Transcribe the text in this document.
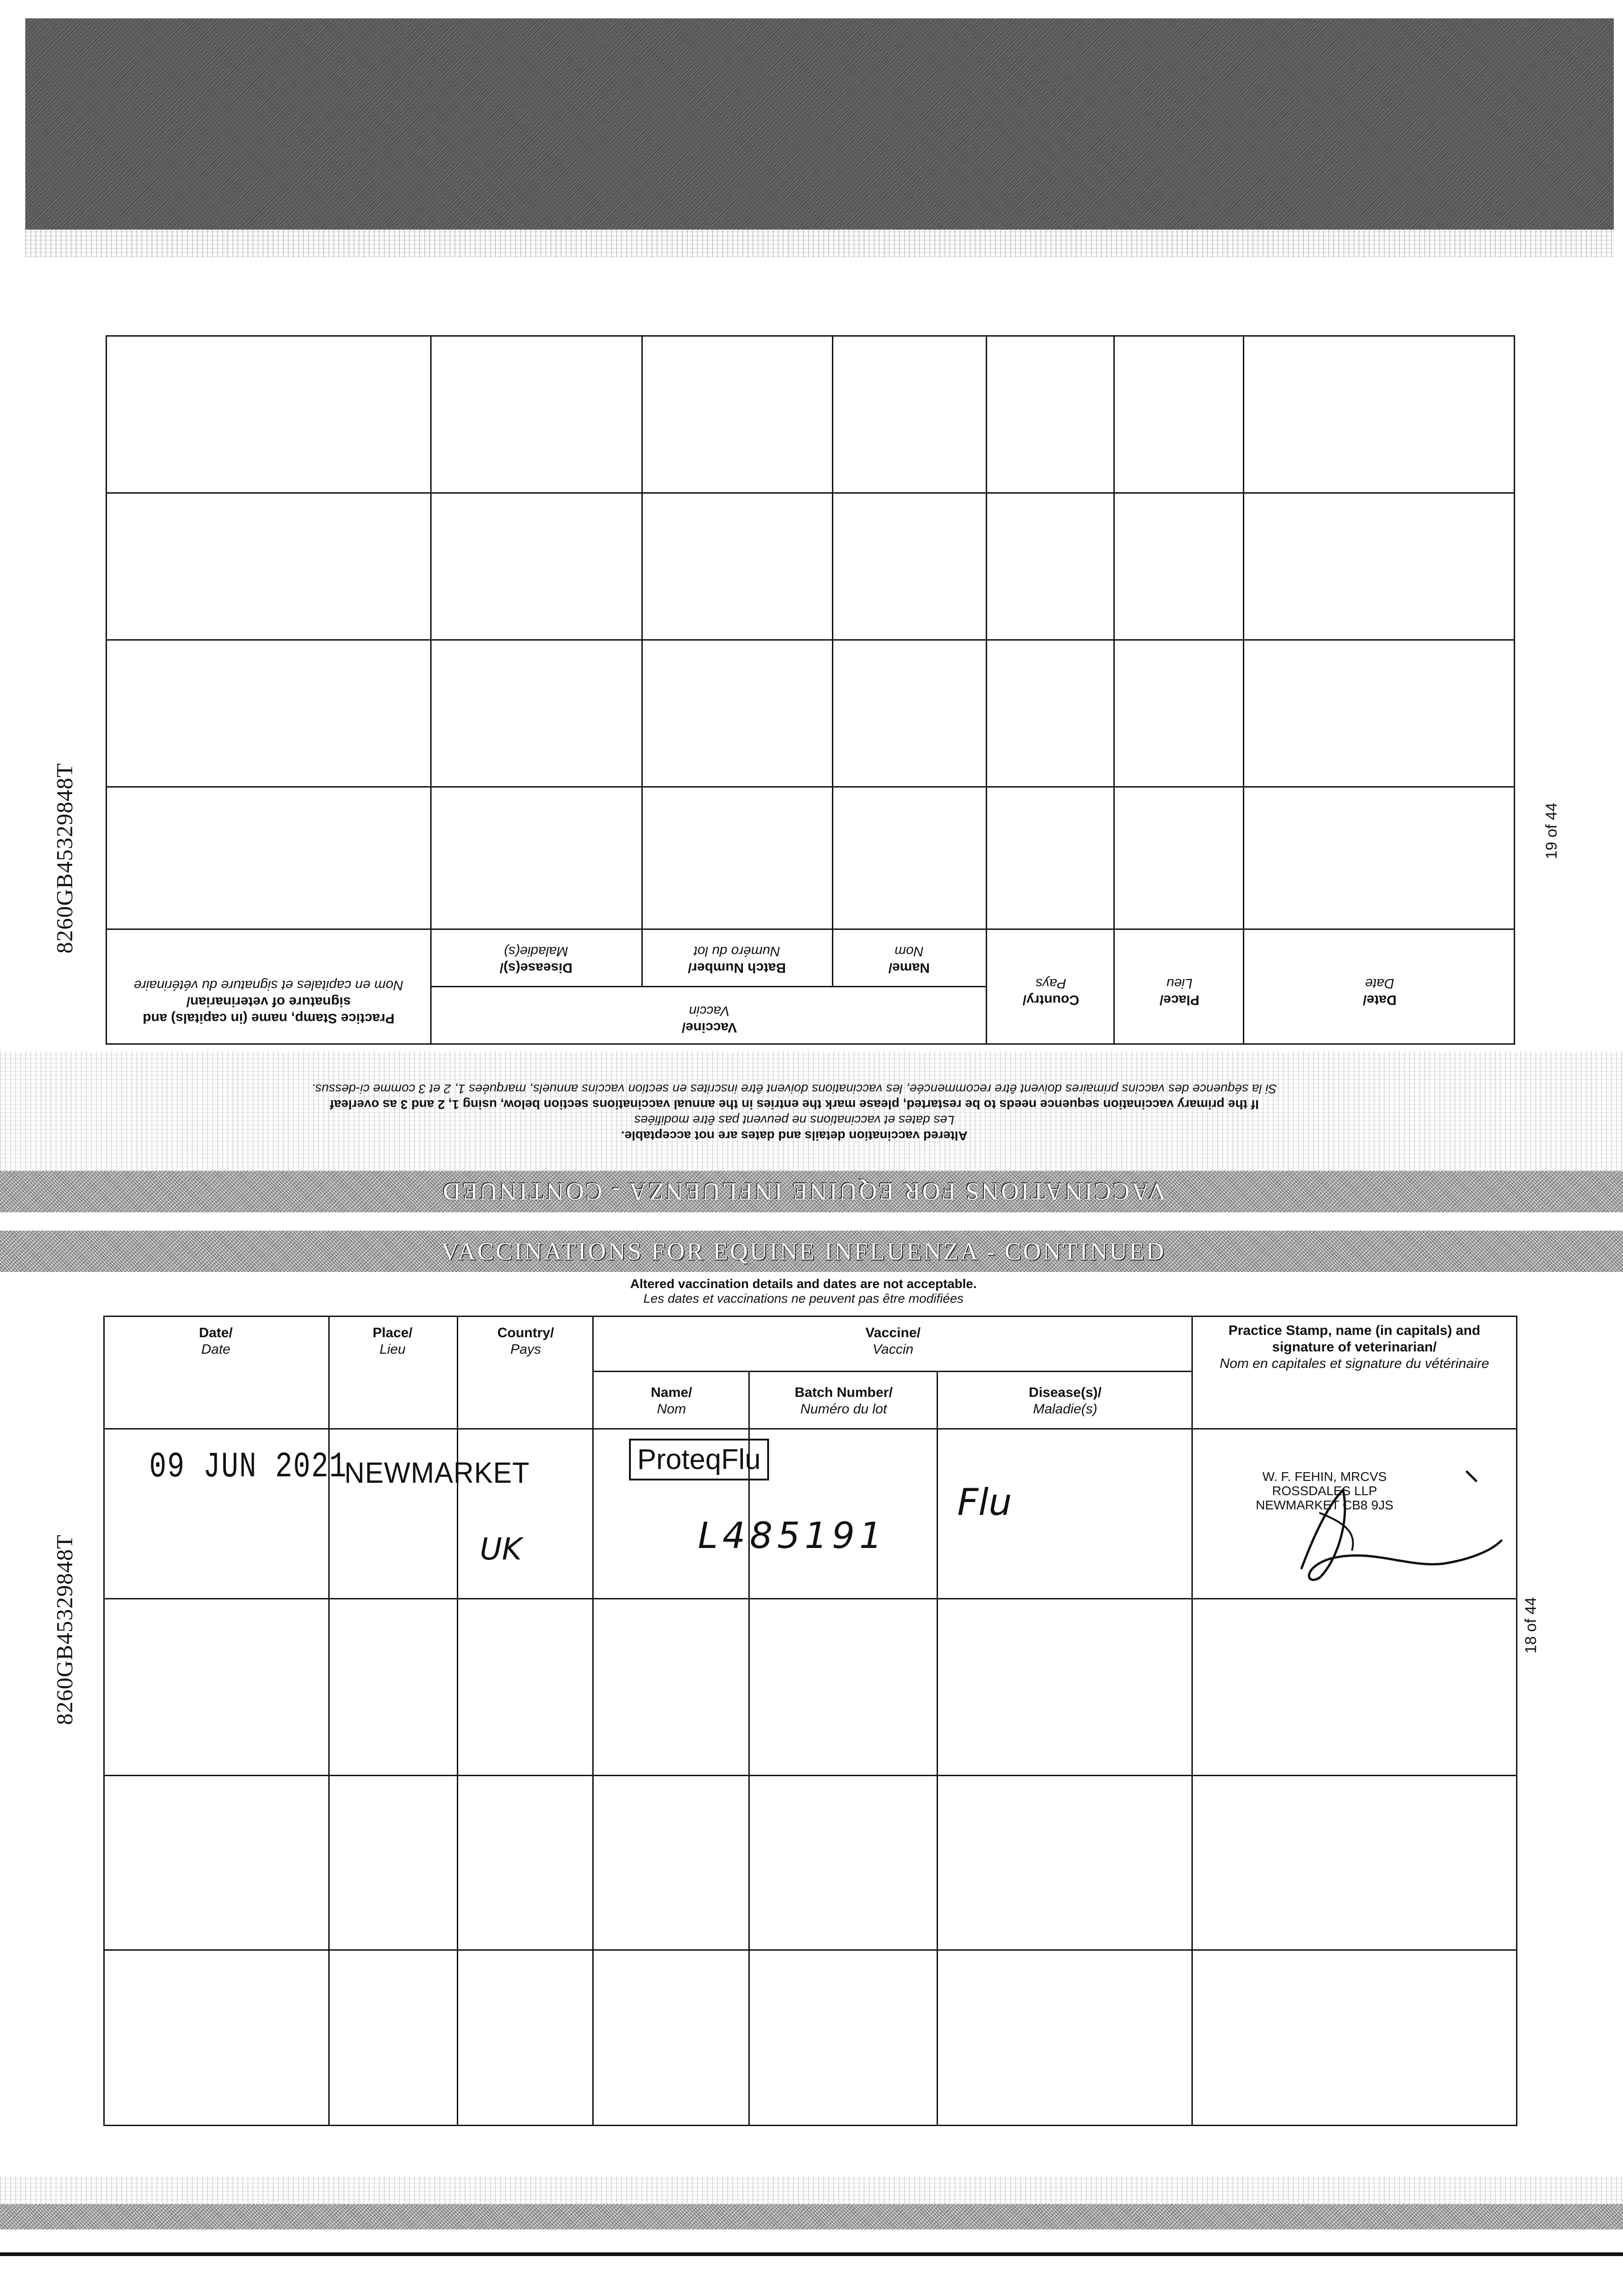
8260GB45329848T	19 of 44
Date/
Date
Place/
Lieu
Country/
Pays
Vaccine/
Vaccin
Name/
Nom
Batch Number/
Numéro du lot
Disease(s)/
Maladie(s)
Practice Stamp, name (in capitals) and signature of veterinarian/
Nom en capitales et signature du vétérinaire
Altered vaccination details and dates are not acceptable.
Les dates et vaccinations ne peuvent pas être modifiées
If the primary vaccination sequence needs to be restarted, please mark the entries in the annual vaccinations section below, using 1, 2 and 3 as overleaf
Si la séquence des vaccins primaires doivent être recommencée, les vaccinations doivent être inscrites en section vaccins annuels, marquées 1, 2 et 3 comme ci-dessus.
VACCINATIONS FOR EQUINE INFLUENZA - CONTINUED
VACCINATIONS FOR EQUINE INFLUENZA - CONTINUED
Altered vaccination details and dates are not acceptable.
Les dates et vaccinations ne peuvent pas être modifiées
8260GB45329848T	18 of 44
Date/
Date
Place/
Lieu
Country/
Pays
Vaccine/
Vaccin
Name/
Nom
Batch Number/
Numéro du lot
Disease(s)/
Maladie(s)
Practice Stamp, name (in capitals) and signature of veterinarian/
Nom en capitales et signature du vétérinaire
09 JUN 2021
NEWMARKET
UK
ProteqFlu
L485191
Flu
W. F. FEHIN, MRCVS
ROSSDALES LLP
NEWMARKET CB8 9JS
